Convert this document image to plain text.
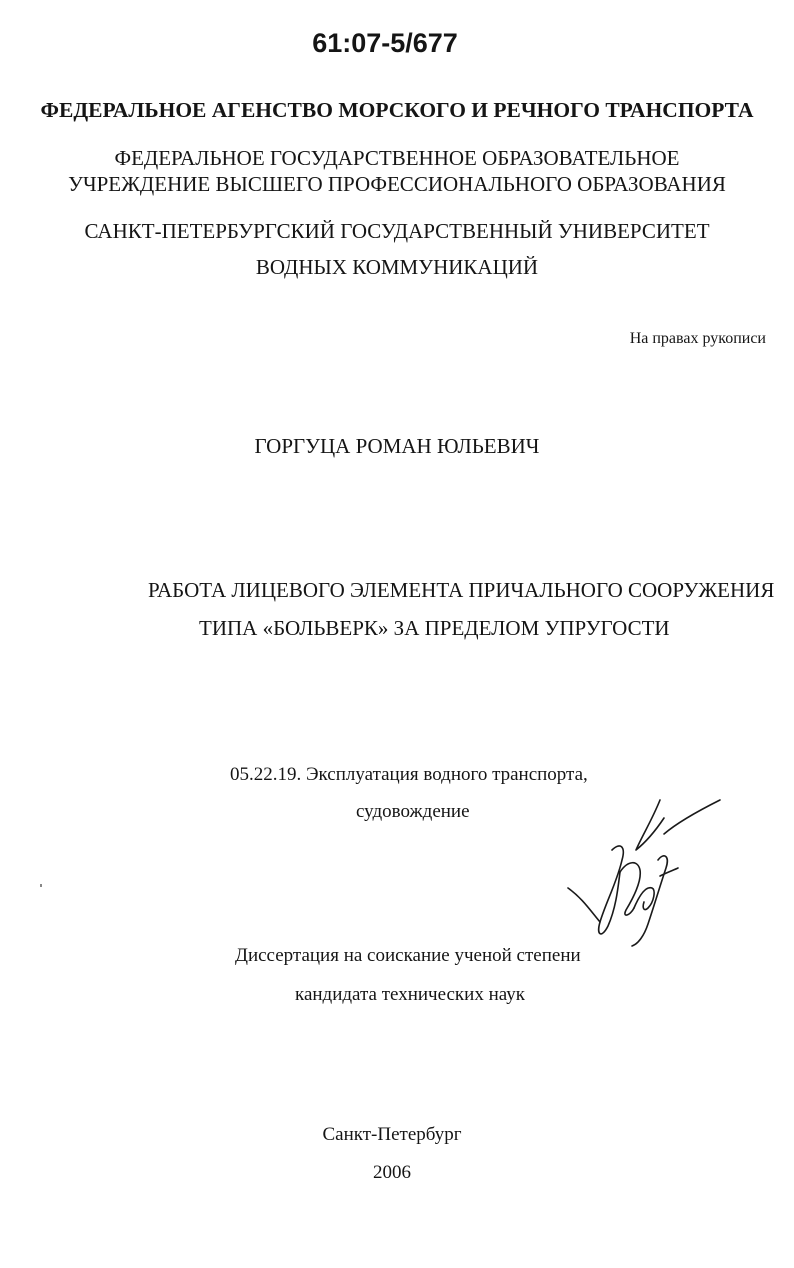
61:07-5/677
ФЕДЕРАЛЬНОЕ АГЕНСТВО МОРСКОГО И РЕЧНОГО ТРАНСПОРТА
ФЕДЕРАЛЬНОЕ ГОСУДАРСТВЕННОЕ ОБРАЗОВАТЕЛЬНОЕ
УЧРЕЖДЕНИЕ ВЫСШЕГО ПРОФЕССИОНАЛЬНОГО ОБРАЗОВАНИЯ
САНКТ-ПЕТЕРБУРГСКИЙ ГОСУДАРСТВЕННЫЙ УНИВЕРСИТЕТ
ВОДНЫХ КОММУНИКАЦИЙ
На правах рукописи
ГОРГУЦА РОМАН ЮЛЬЕВИЧ
РАБОТА ЛИЦЕВОГО ЭЛЕМЕНТА ПРИЧАЛЬНОГО СООРУЖЕНИЯ
ТИПА «БОЛЬВЕРК» ЗА ПРЕДЕЛОМ УПРУГОСТИ
05.22.19. Эксплуатация водного транспорта,
судовождение
Диссертация на соискание ученой степени
кандидата технических наук
Санкт-Петербург
2006
